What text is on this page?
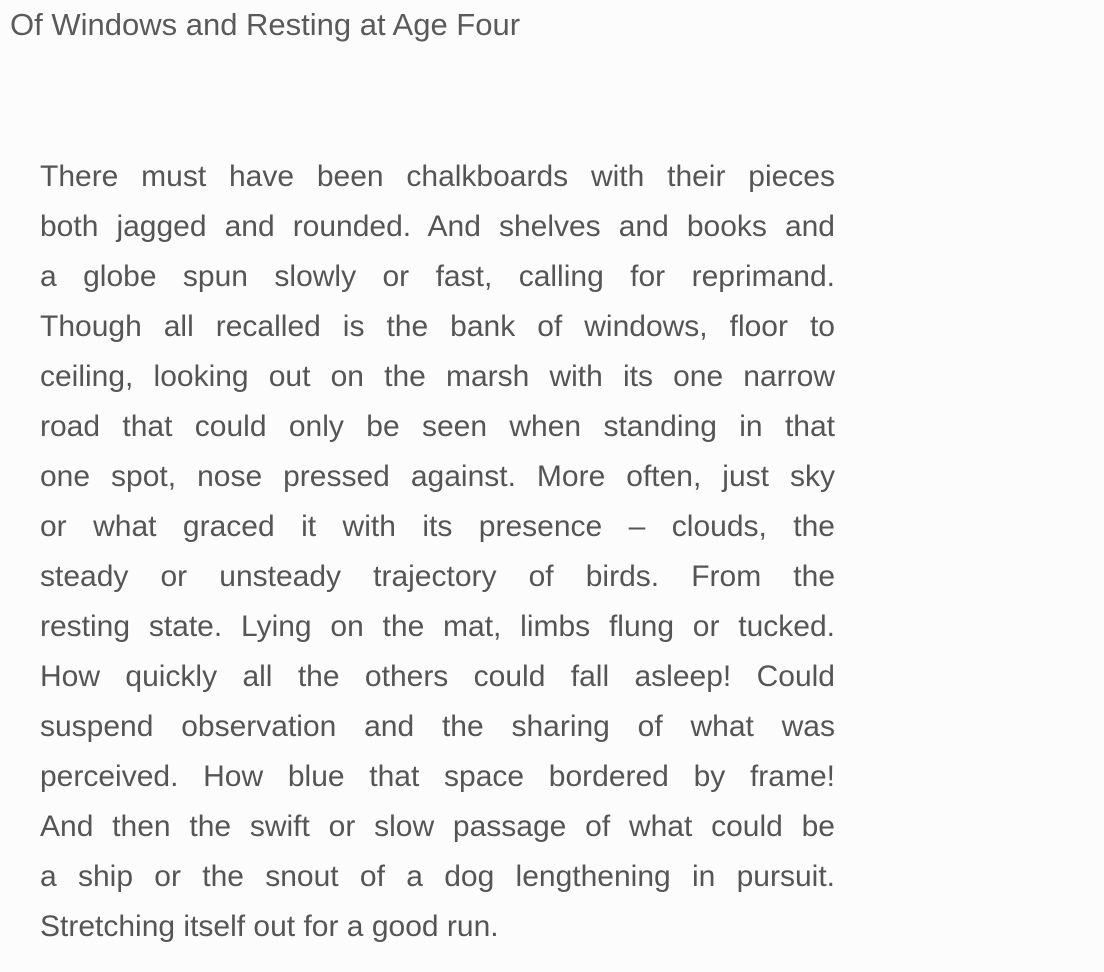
Of Windows and Resting at Age Four
There must have been chalkboards with their pieces
both jagged and rounded. And shelves and books and
a globe spun slowly or fast, calling for reprimand.
Though all recalled is the bank of windows, floor to
ceiling, looking out on the marsh with its one narrow
road that could only be seen when standing in that
one spot, nose pressed against. More often, just sky
or what graced it with its presence – clouds, the
steady or unsteady trajectory of birds. From the
resting state. Lying on the mat, limbs flung or tucked.
How quickly all the others could fall asleep! Could
suspend observation and the sharing of what was
perceived. How blue that space bordered by frame!
And then the swift or slow passage of what could be
a ship or the snout of a dog lengthening in pursuit.
Stretching itself out for a good run.
